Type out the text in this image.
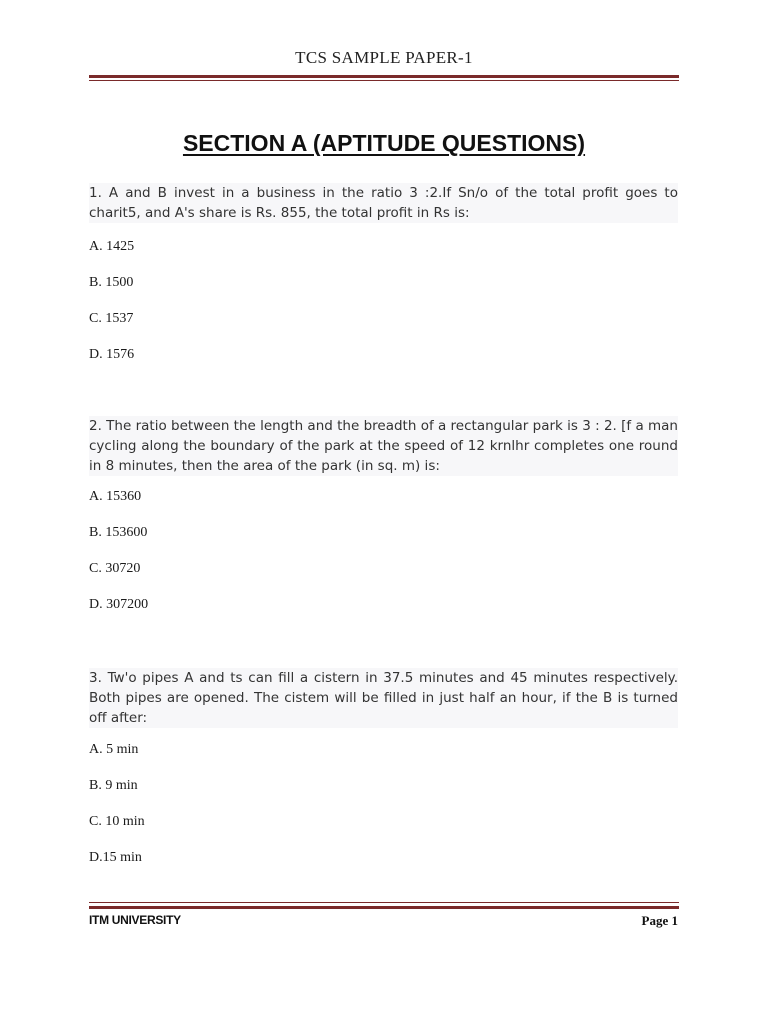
TCS SAMPLE PAPER-1
SECTION A (APTITUDE QUESTIONS)
1. A and B invest in a business in the ratio 3 :2.If Sn/o of the total profit goes to charit5, and A's share is Rs. 855, the total profit in Rs is:
A. 1425
B. 1500
C. 1537
D. 1576
2. The ratio between the length and the breadth of a rectangular park is 3 : 2. [f a man cycling along the boundary of the park at the speed of 12 krnlhr completes one round in 8 minutes, then the area of the park (in sq. m) is:
A. 15360
B. 153600
C. 30720
D. 307200
3. Tw'o pipes A and ts can fill a cistern in 37.5 minutes and 45 minutes respectively. Both pipes are opened. The cistem will be filled in just half an hour, if the B is turned off after:
A. 5 min
B. 9 min
C. 10 min
D.15 min
ITM UNIVERSITY	Page 1
